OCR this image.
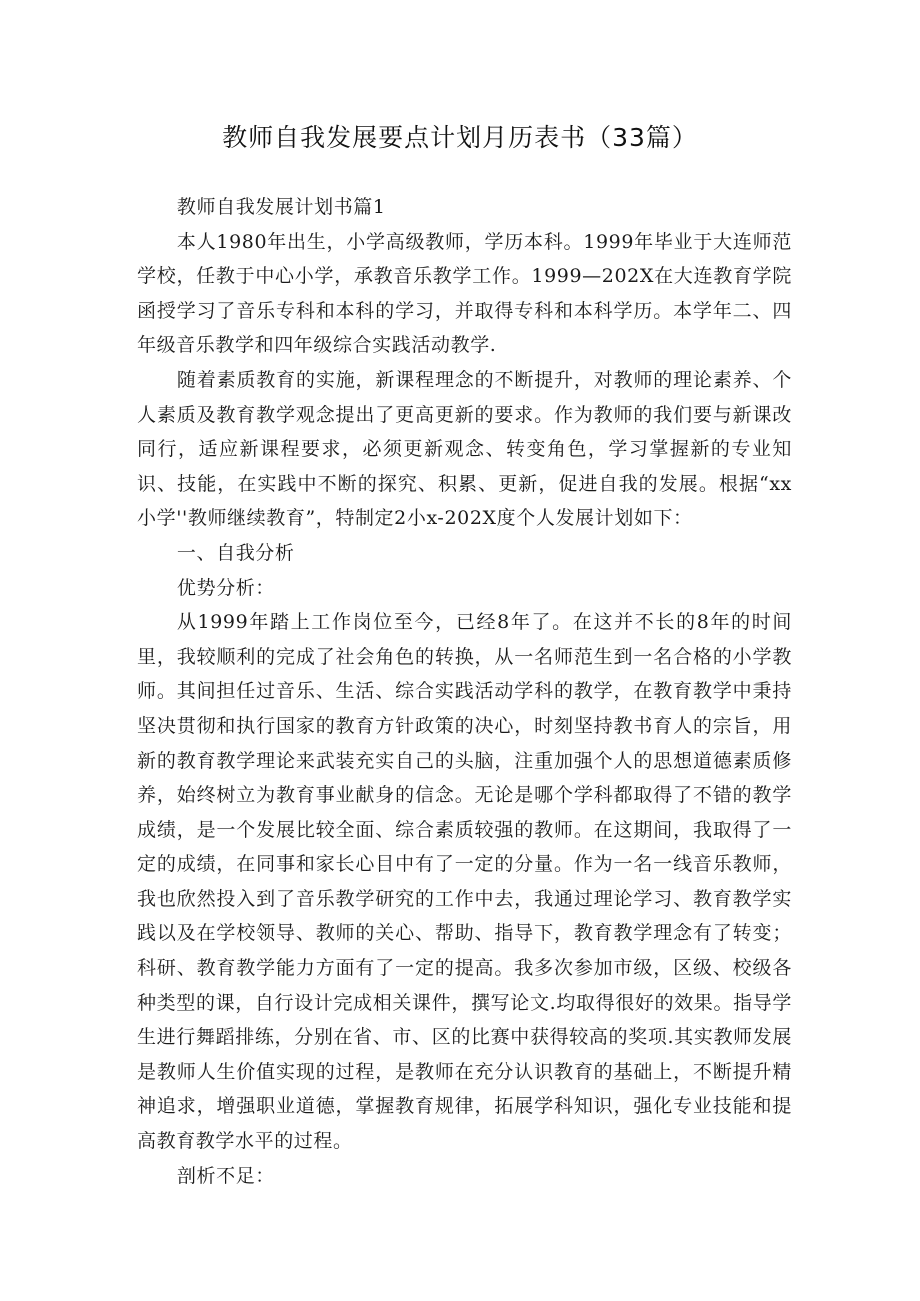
教师自我发展要点计划月历表书（33篇）

教师自我发展计划书篇1

本人1980年出生，小学高级教师，学历本科。1999年毕业于大连师范学校，任教于中心小学，承教音乐教学工作。1999—202X在大连教育学院函授学习了音乐专科和本科的学习，并取得专科和本科学历。本学年二、四年级音乐教学和四年级综合实践活动教学.

随着素质教育的实施，新课程理念的不断提升，对教师的理论素养、个人素质及教育教学观念提出了更高更新的要求。作为教师的我们要与新课改同行，适应新课程要求，必须更新观念、转变角色，学习掌握新的专业知识、技能，在实践中不断的探究、积累、更新，促进自我的发展。根据“xx小学''教师继续教育”，特制定2小x-202X度个人发展计划如下：

一、自我分析

优势分析：

从1999年踏上工作岗位至今，已经8年了。在这并不长的8年的时间里，我较顺利的完成了社会角色的转换，从一名师范生到一名合格的小学教师。其间担任过音乐、生活、综合实践活动学科的教学，在教育教学中秉持坚决贯彻和执行国家的教育方针政策的决心，时刻坚持教书育人的宗旨，用新的教育教学理论来武装充实自己的头脑，注重加强个人的思想道德素质修养，始终树立为教育事业献身的信念。无论是哪个学科都取得了不错的教学成绩，是一个发展比较全面、综合素质较强的教师。在这期间，我取得了一定的成绩，在同事和家长心目中有了一定的分量。作为一名一线音乐教师，我也欣然投入到了音乐教学研究的工作中去，我通过理论学习、教育教学实践以及在学校领导、教师的关心、帮助、指导下，教育教学理念有了转变；科研、教育教学能力方面有了一定的提高。我多次参加市级，区级、校级各种类型的课，自行设计完成相关课件，撰写论文.均取得很好的效果。指导学生进行舞蹈排练，分别在省、市、区的比赛中获得较高的奖项.其实教师发展是教师人生价值实现的过程，是教师在充分认识教育的基础上，不断提升精神追求，增强职业道德，掌握教育规律，拓展学科知识，强化专业技能和提高教育教学水平的过程。

剖析不足：
